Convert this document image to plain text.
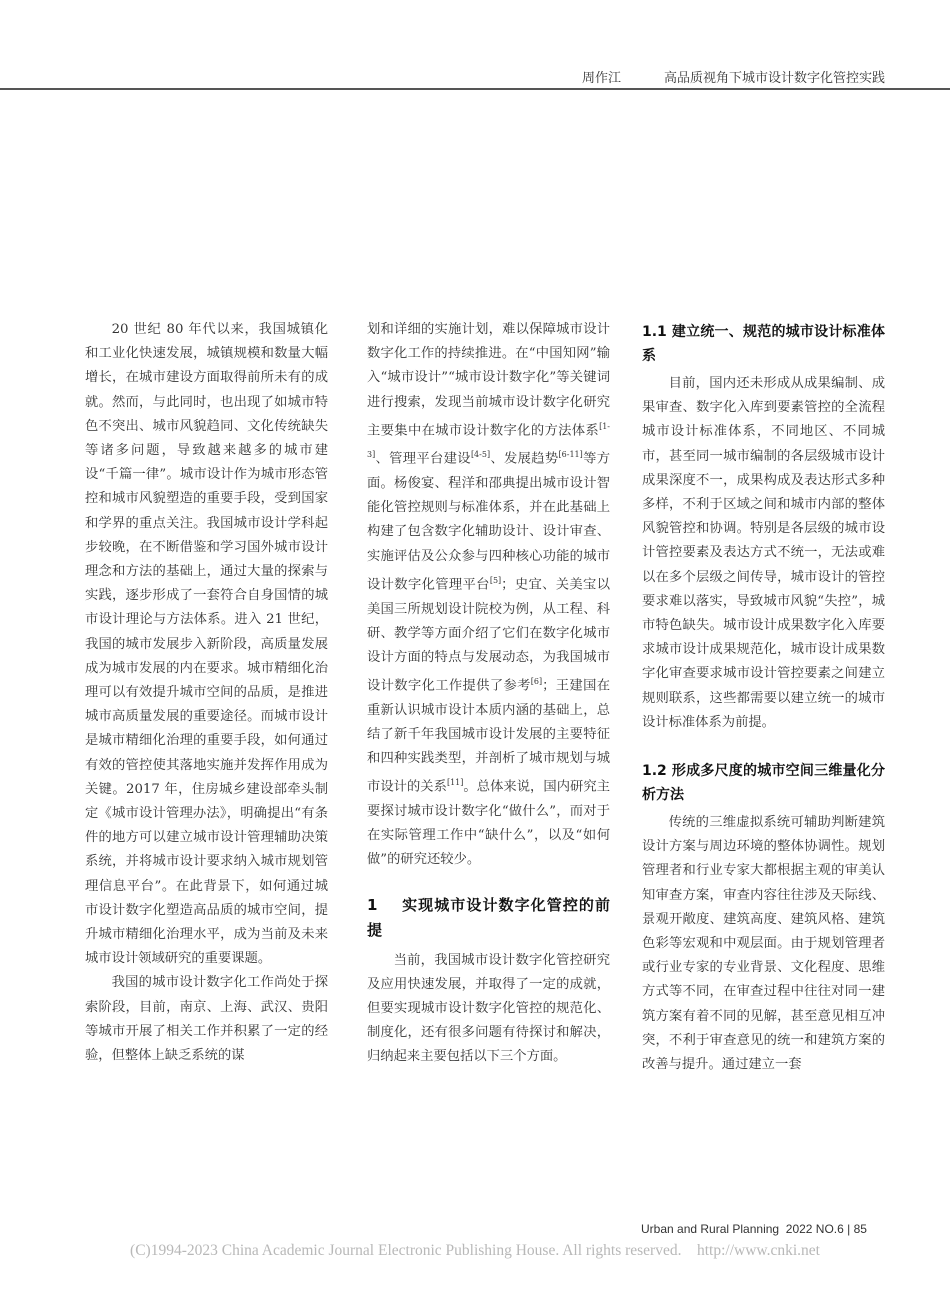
周作江	高品质视角下城市设计数字化管控实践

20 世纪 80 年代以来，我国城镇化和工业化快速发展，城镇规模和数量大幅增长，在城市建设方面取得前所未有的成就。然而，与此同时，也出现了如城市特色不突出、城市风貌趋同、文化传统缺失等诸多问题，导致越来越多的城市建设“千篇一律”。城市设计作为城市形态管控和城市风貌塑造的重要手段，受到国家和学界的重点关注。我国城市设计学科起步较晚，在不断借鉴和学习国外城市设计理念和方法的基础上，通过大量的探索与实践，逐步形成了一套符合自身国情的城市设计理论与方法体系。进入 21 世纪，我国的城市发展步入新阶段，高质量发展成为城市发展的内在要求。城市精细化治理可以有效提升城市空间的品质，是推进城市高质量发展的重要途径。而城市设计是城市精细化治理的重要手段，如何通过有效的管控使其落地实施并发挥作用成为关键。2017 年，住房城乡建设部牵头制定《城市设计管理办法》，明确提出“有条件的地方可以建立城市设计管理辅助决策系统，并将城市设计要求纳入城市规划管理信息平台”。在此背景下，如何通过城市设计数字化塑造高品质的城市空间，提升城市精细化治理水平，成为当前及未来城市设计领域研究的重要课题。

我国的城市设计数字化工作尚处于探索阶段，目前，南京、上海、武汉、贵阳等城市开展了相关工作并积累了一定的经验，但整体上缺乏系统的谋

划和详细的实施计划，难以保障城市设计数字化工作的持续推进。在“中国知网”输入“城市设计”“城市设计数字化”等关键词进行搜索，发现当前城市设计数字化研究主要集中在城市设计数字化的方法体系[1-3]、管理平台建设[4-5]、发展趋势[6-11]等方面。杨俊宴、程洋和邵典提出城市设计智能化管控规则与标准体系，并在此基础上构建了包含数字化辅助设计、设计审查、实施评估及公众参与四种核心功能的城市设计数字化管理平台[5]；史宜、关美宝以美国三所规划设计院校为例，从工程、科研、教学等方面介绍了它们在数字化城市设计方面的特点与发展动态，为我国城市设计数字化工作提供了参考[6]；王建国在重新认识城市设计本质内涵的基础上，总结了新千年我国城市设计发展的主要特征和四种实践类型，并剖析了城市规划与城市设计的关系[11]。总体来说，国内研究主要探讨城市设计数字化“做什么”，而对于在实际管理工作中“缺什么”，以及“如何做”的研究还较少。

1 实现城市设计数字化管控的前提

当前，我国城市设计数字化管控研究及应用快速发展，并取得了一定的成就，但要实现城市设计数字化管控的规范化、制度化，还有很多问题有待探讨和解决，归纳起来主要包括以下三个方面。

1.1 建立统一、规范的城市设计标准体系

目前，国内还未形成从成果编制、成果审查、数字化入库到要素管控的全流程城市设计标准体系，不同地区、不同城市，甚至同一城市编制的各层级城市设计成果深度不一，成果构成及表达形式多种多样，不利于区域之间和城市内部的整体风貌管控和协调。特别是各层级的城市设计管控要素及表达方式不统一，无法或难以在多个层级之间传导，城市设计的管控要求难以落实，导致城市风貌“失控”，城市特色缺失。城市设计成果数字化入库要求城市设计成果规范化，城市设计成果数字化审查要求城市设计管控要素之间建立规则联系，这些都需要以建立统一的城市设计标准体系为前提。

1.2 形成多尺度的城市空间三维量化分析方法

传统的三维虚拟系统可辅助判断建筑设计方案与周边环境的整体协调性。规划管理者和行业专家大都根据主观的审美认知审查方案，审查内容往往涉及天际线、景观开敞度、建筑高度、建筑风格、建筑色彩等宏观和中观层面。由于规划管理者或行业专家的专业背景、文化程度、思维方式等不同，在审查过程中往往对同一建筑方案有着不同的见解，甚至意见相互冲突，不利于审查意见的统一和建筑方案的改善与提升。通过建立一套

Urban and Rural Planning 2022 NO.6 | 85
(C)1994-2023 China Academic Journal Electronic Publishing House. All rights reserved.    http://www.cnki.net
